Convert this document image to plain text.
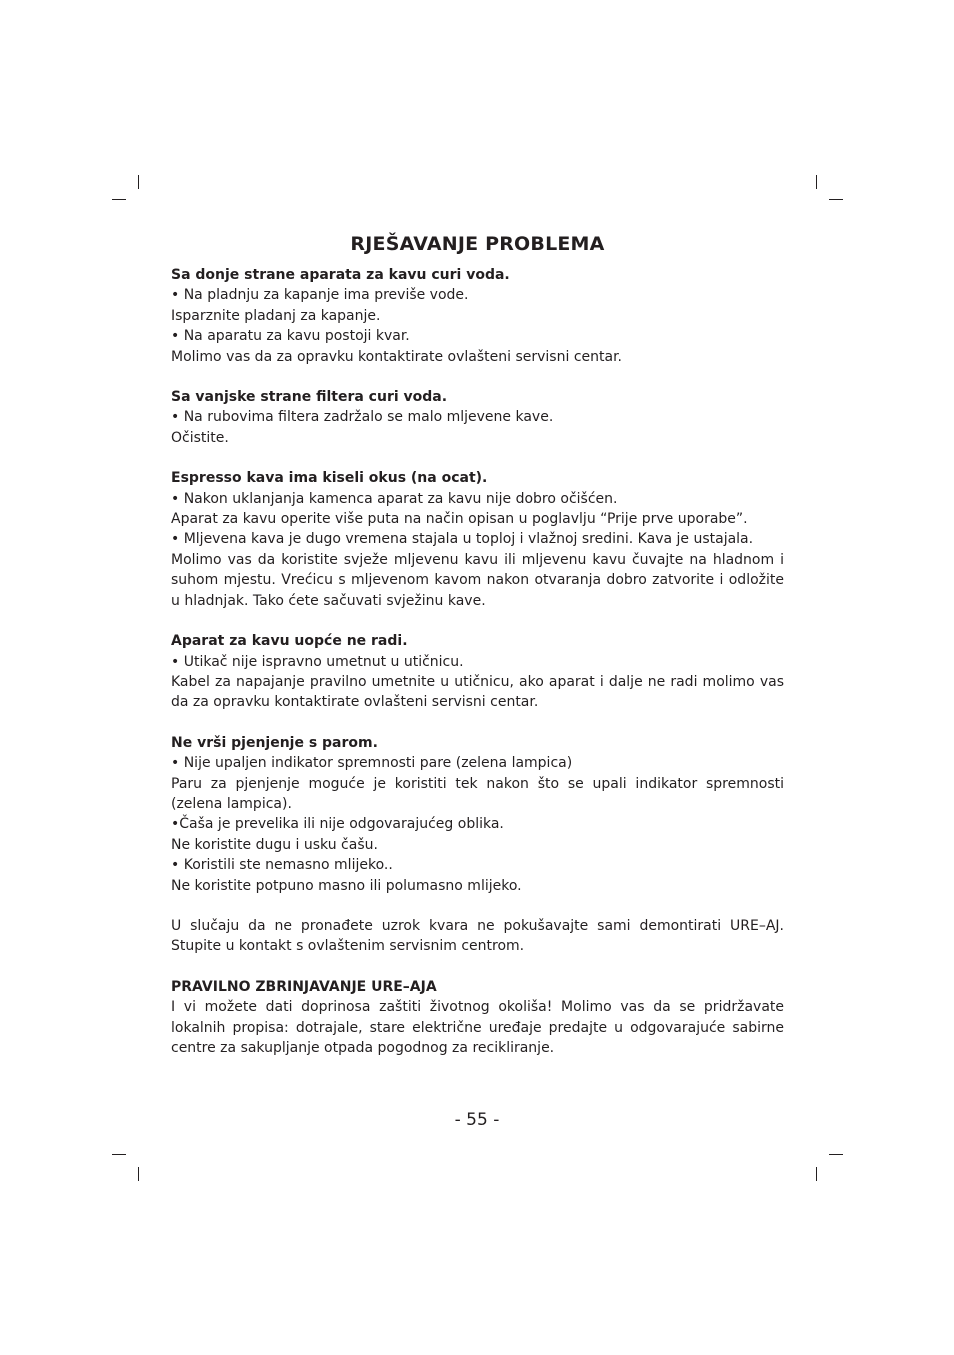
RJEŠAVANJE PROBLEMA

Sa donje strane aparata za kavu curi voda.

• Na pladnju za kapanje ima previše vode.

Isparznite pladanj za kapanje.

• Na aparatu za kavu postoji kvar.

Molimo vas da za opravku kontaktirate ovlašteni servisni centar.

Sa vanjske strane filtera curi voda.

• Na rubovima filtera zadržalo se malo mljevene kave.

Očistite.

Espresso kava ima kiseli okus (na ocat).

• Nakon uklanjanja kamenca aparat za kavu nije dobro očišćen.

Aparat za kavu operite više puta na način opisan u poglavlju “Prije prve uporabe”.

• Mljevena kava je dugo vremena stajala u toploj i vlažnoj sredini. Kava je ustajala.

Molimo vas da koristite svježe mljevenu kavu ili mljevenu kavu čuvajte na hladnom i suhom mjestu. Vrećicu s mljevenom kavom nakon otvaranja dobro zatvorite i odložite u hladnjak. Tako ćete sačuvati svježinu kave.

Aparat za kavu uopće ne radi.

• Utikač nije ispravno umetnut u utičnicu.

Kabel za napajanje pravilno umetnite u utičnicu, ako aparat i dalje ne radi molimo vas da za opravku kontaktirate ovlašteni servisni centar.

Ne vrši pjenjenje s parom.

• Nije upaljen indikator spremnosti pare (zelena lampica)

Paru za pjenjenje moguće je koristiti tek nakon što se upali indikator spremnosti (zelena lampica).

•Čaša je prevelika ili nije odgovarajućeg oblika.

Ne koristite dugu i usku čašu.

• Koristili ste nemasno mlijeko..

Ne koristite potpuno masno ili polumasno mlijeko.

U slučaju da ne pronađete uzrok kvara ne pokušavajte sami demontirati URE–AJ. Stupite u kontakt s ovlaštenim servisnim centrom.

PRAVILNO ZBRINJAVANJE URE–AJA

I vi možete dati doprinosa zaštiti životnog okoliša! Molimo vas da se pridržavate lokalnih propisa: dotrajale, stare električne uređaje predajte u odgovarajuće sabirne centre za sakupljanje otpada pogodnog za recikliranje.

- 55 -
